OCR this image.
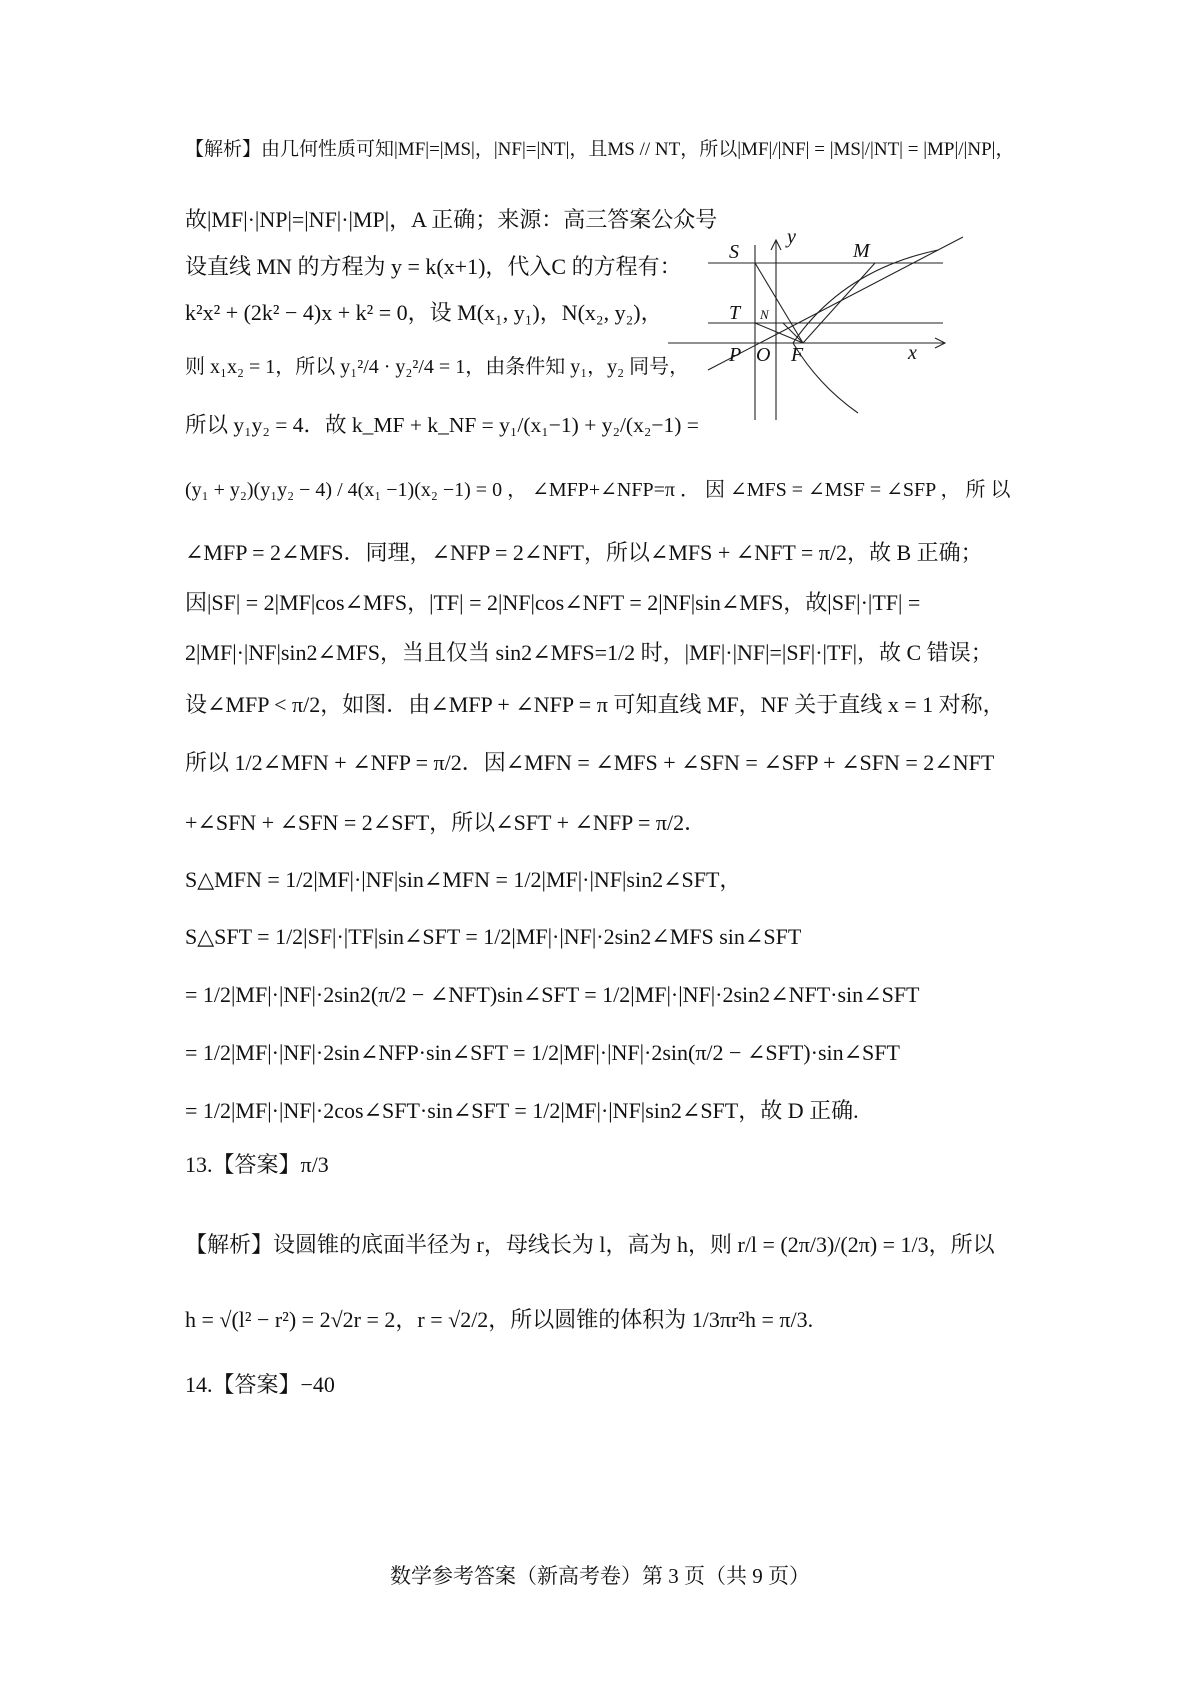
【解析】由几何性质可知|MF|=|MS|，|NF|=|NT|，且MS // NT，所以|MF|/|NF| = |MS|/|NT| = |MP|/|NP|，
故|MF|·|NP|=|NF|·|MP|，A 正确；来源：高三答案公众号
设直线 MN 的方程为 y = k(x+1)，代入C 的方程有：
k²x² + (2k² − 4)x + k² = 0，设 M(x₁, y₁)，N(x₂, y₂)，
则 x₁x₂ = 1，所以 y₁²/4 · y₂²/4 = 1，由条件知 y₁，y₂ 同号，
所以 y₁y₂ = 4．故 k_MF + k_NF = y₁/(x₁−1) + y₂/(x₂−1) =
(y₁ + y₂)(y₁y₂ − 4) / 4(x₁ −1)(x₂ −1) = 0 ， ∠MFP+∠NFP=π ． 因 ∠MFS = ∠MSF = ∠SFP ， 所 以
∠MFP = 2∠MFS．同理，∠NFP = 2∠NFT，所以∠MFS + ∠NFT = π/2，故 B 正确；
因|SF| = 2|MF|cos∠MFS，|TF| = 2|NF|cos∠NFT = 2|NF|sin∠MFS，故|SF|·|TF| =
2|MF|·|NF|sin2∠MFS，当且仅当 sin2∠MFS=1/2 时，|MF|·|NF|=|SF|·|TF|，故 C 错误；
设∠MFP < π/2，如图．由∠MFP + ∠NFP = π 可知直线 MF，NF 关于直线 x = 1 对称，
所以 1/2∠MFN + ∠NFP = π/2．因∠MFN = ∠MFS + ∠SFN = ∠SFP + ∠SFN = 2∠NFT
+∠SFN + ∠SFN = 2∠SFT，所以∠SFT + ∠NFP = π/2．
S△MFN = 1/2|MF|·|NF|sin∠MFN = 1/2|MF|·|NF|sin2∠SFT，
S△SFT = 1/2|SF|·|TF|sin∠SFT = 1/2|MF|·|NF|·2sin2∠MFS sin∠SFT
= 1/2|MF|·|NF|·2sin2(π/2 − ∠NFT)sin∠SFT = 1/2|MF|·|NF|·2sin2∠NFT·sin∠SFT
= 1/2|MF|·|NF|·2sin∠NFP·sin∠SFT = 1/2|MF|·|NF|·2sin(π/2 − ∠SFT)·sin∠SFT
= 1/2|MF|·|NF|·2cos∠SFT·sin∠SFT = 1/2|MF|·|NF|sin2∠SFT，故 D 正确.
13.【答案】π/3
【解析】设圆锥的底面半径为 r，母线长为 l，高为 h，则 r/l = (2π/3)/(2π) = 1/3，所以
h = √(l² − r²) = 2√2r = 2，r = √2/2，所以圆锥的体积为 1/3πr²h = π/3.
14.【答案】−40
S
y
M
T N
P O F	x
数学参考答案（新高考卷）第 3 页（共 9 页）
